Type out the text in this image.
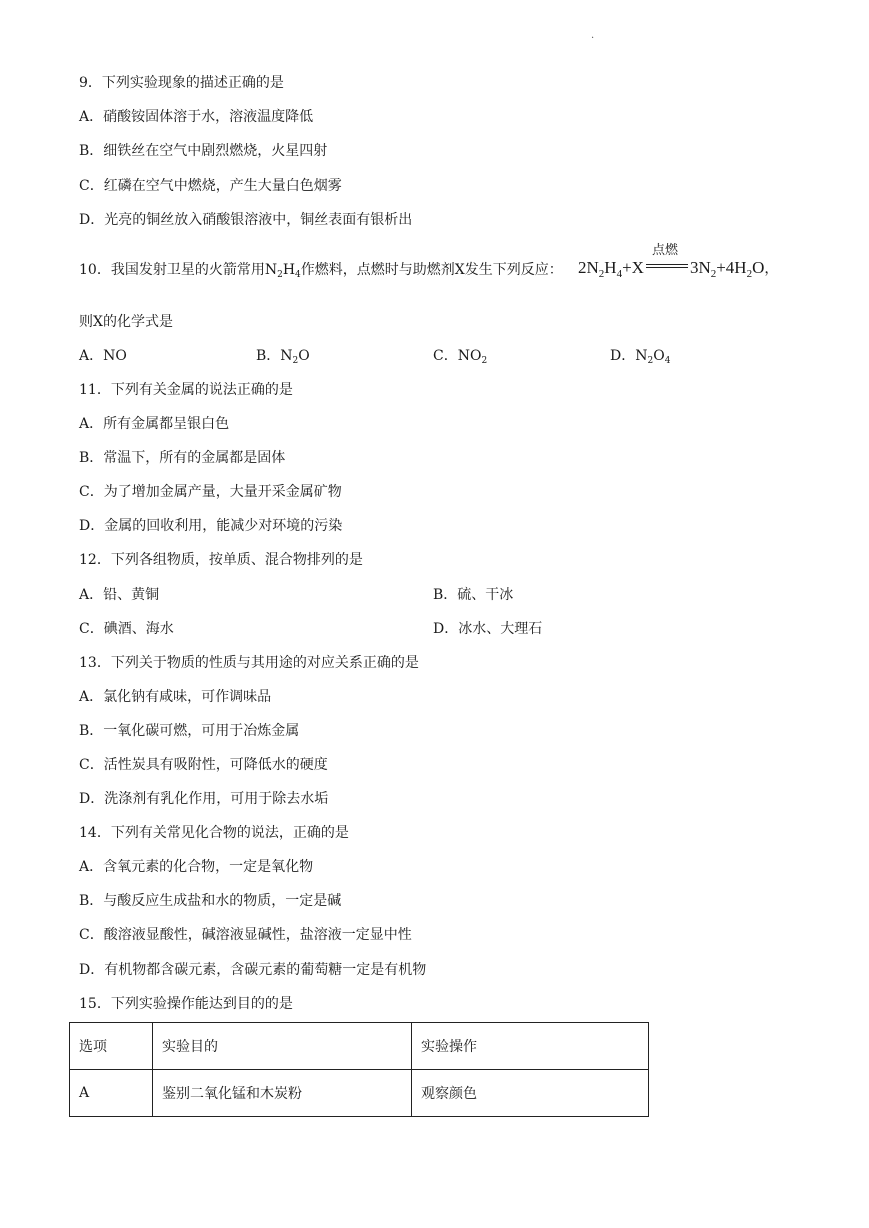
.
9．下列实验现象的描述正确的是
A．硝酸铵固体溶于水，溶液温度降低
B．细铁丝在空气中剧烈燃烧，火星四射
C．红磷在空气中燃烧，产生大量白色烟雾
D．光亮的铜丝放入硝酸银溶液中，铜丝表面有银析出
10．我国发射卫星的火箭常用$N_2H_4$作燃料，点燃时与助燃剂X发生下列反应： $2N_2H_4+X$
点燃
$3N_2+4H_2O$，
则X的化学式是
A．NO	B．$N_2O$	C．$NO_2$	D．$N_2O_4$
11．下列有关金属的说法正确的是
A．所有金属都呈银白色
B．常温下，所有的金属都是固体
C．为了增加金属产量，大量开采金属矿物
D．金属的回收利用，能减少对环境的污染
12．下列各组物质，按单质、混合物排列的是
A．铅、黄铜	B．硫、干冰
C．碘酒、海水	D．冰水、大理石
13．下列关于物质的性质与其用途的对应关系正确的是
A．氯化钠有咸味，可作调味品
B．一氧化碳可燃，可用于冶炼金属
C．活性炭具有吸附性，可降低水的硬度
D．洗涤剂有乳化作用，可用于除去水垢
14．下列有关常见化合物的说法，正确的是
A．含氧元素的化合物，一定是氧化物
B．与酸反应生成盐和水的物质，一定是碱
C．酸溶液显酸性，碱溶液显碱性，盐溶液一定显中性
D．有机物都含碳元素，含碳元素的葡萄糖一定是有机物
15．下列实验操作能达到目的的是
选项	实验目的	实验操作
A	鉴别二氧化锰和木炭粉	观察颜色
